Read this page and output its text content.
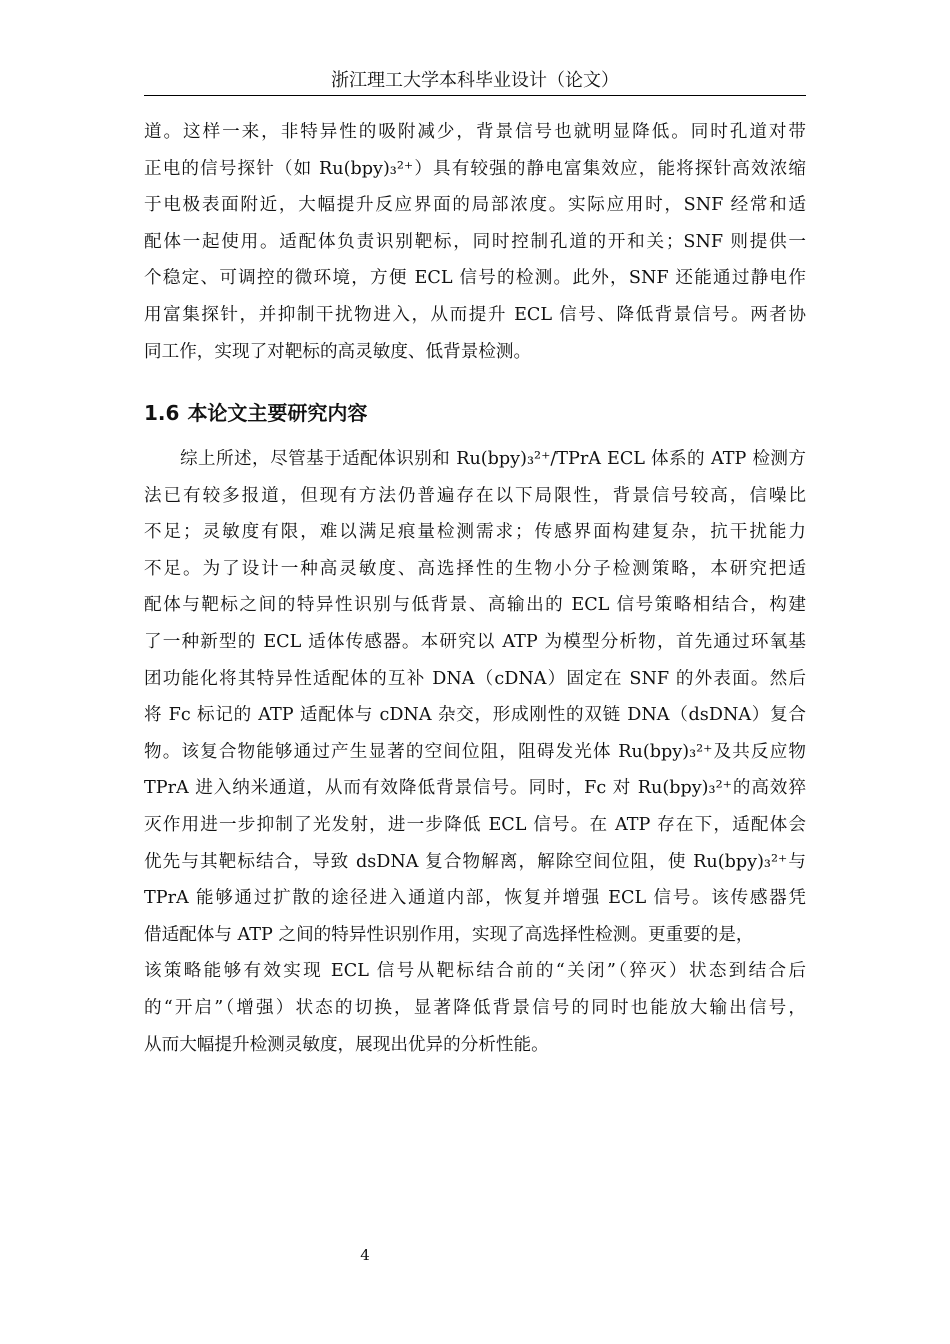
浙江理工大学本科毕业设计（论文）
道。这样一来，非特异性的吸附减少，背景信号也就明显降低。同时孔道对带
正电的信号探针（如 Ru(bpy)₃²⁺）具有较强的静电富集效应，能将探针高效浓缩
于电极表面附近，大幅提升反应界面的局部浓度。实际应用时，SNF 经常和适
配体一起使用。适配体负责识别靶标，同时控制孔道的开和关；SNF 则提供一
个稳定、可调控的微环境，方便 ECL 信号的检测。此外，SNF 还能通过静电作
用富集探针，并抑制干扰物进入，从而提升 ECL 信号、降低背景信号。两者协
同工作，实现了对靶标的高灵敏度、低背景检测。
1.6 本论文主要研究内容
综上所述，尽管基于适配体识别和 Ru(bpy)₃²⁺/TPrA ECL 体系的 ATP 检测方
法已有较多报道，但现有方法仍普遍存在以下局限性，背景信号较高，信噪比
不足；灵敏度有限，难以满足痕量检测需求；传感界面构建复杂，抗干扰能力
不足。为了设计一种高灵敏度、高选择性的生物小分子检测策略，本研究把适
配体与靶标之间的特异性识别与低背景、高输出的 ECL 信号策略相结合，构建
了一种新型的 ECL 适体传感器。本研究以 ATP 为模型分析物，首先通过环氧基
团功能化将其特异性适配体的互补 DNA（cDNA）固定在 SNF 的外表面。然后
将 Fc 标记的 ATP 适配体与 cDNA 杂交，形成刚性的双链 DNA（dsDNA）复合
物。该复合物能够通过产生显著的空间位阻，阻碍发光体 Ru(bpy)₃²⁺及共反应物
TPrA 进入纳米通道，从而有效降低背景信号。同时，Fc 对 Ru(bpy)₃²⁺的高效猝
灭作用进一步抑制了光发射，进一步降低 ECL 信号。在 ATP 存在下，适配体会
优先与其靶标结合，导致 dsDNA 复合物解离，解除空间位阻，使 Ru(bpy)₃²⁺与
TPrA 能够通过扩散的途径进入通道内部，恢复并增强 ECL 信号。该传感器凭
借适配体与 ATP 之间的特异性识别作用，实现了高选择性检测。更重要的是，
该策略能够有效实现 ECL 信号从靶标结合前的“关闭”（猝灭）状态到结合后
的“开启”（增强）状态的切换，显著降低背景信号的同时也能放大输出信号，
从而大幅提升检测灵敏度，展现出优异的分析性能。
4
